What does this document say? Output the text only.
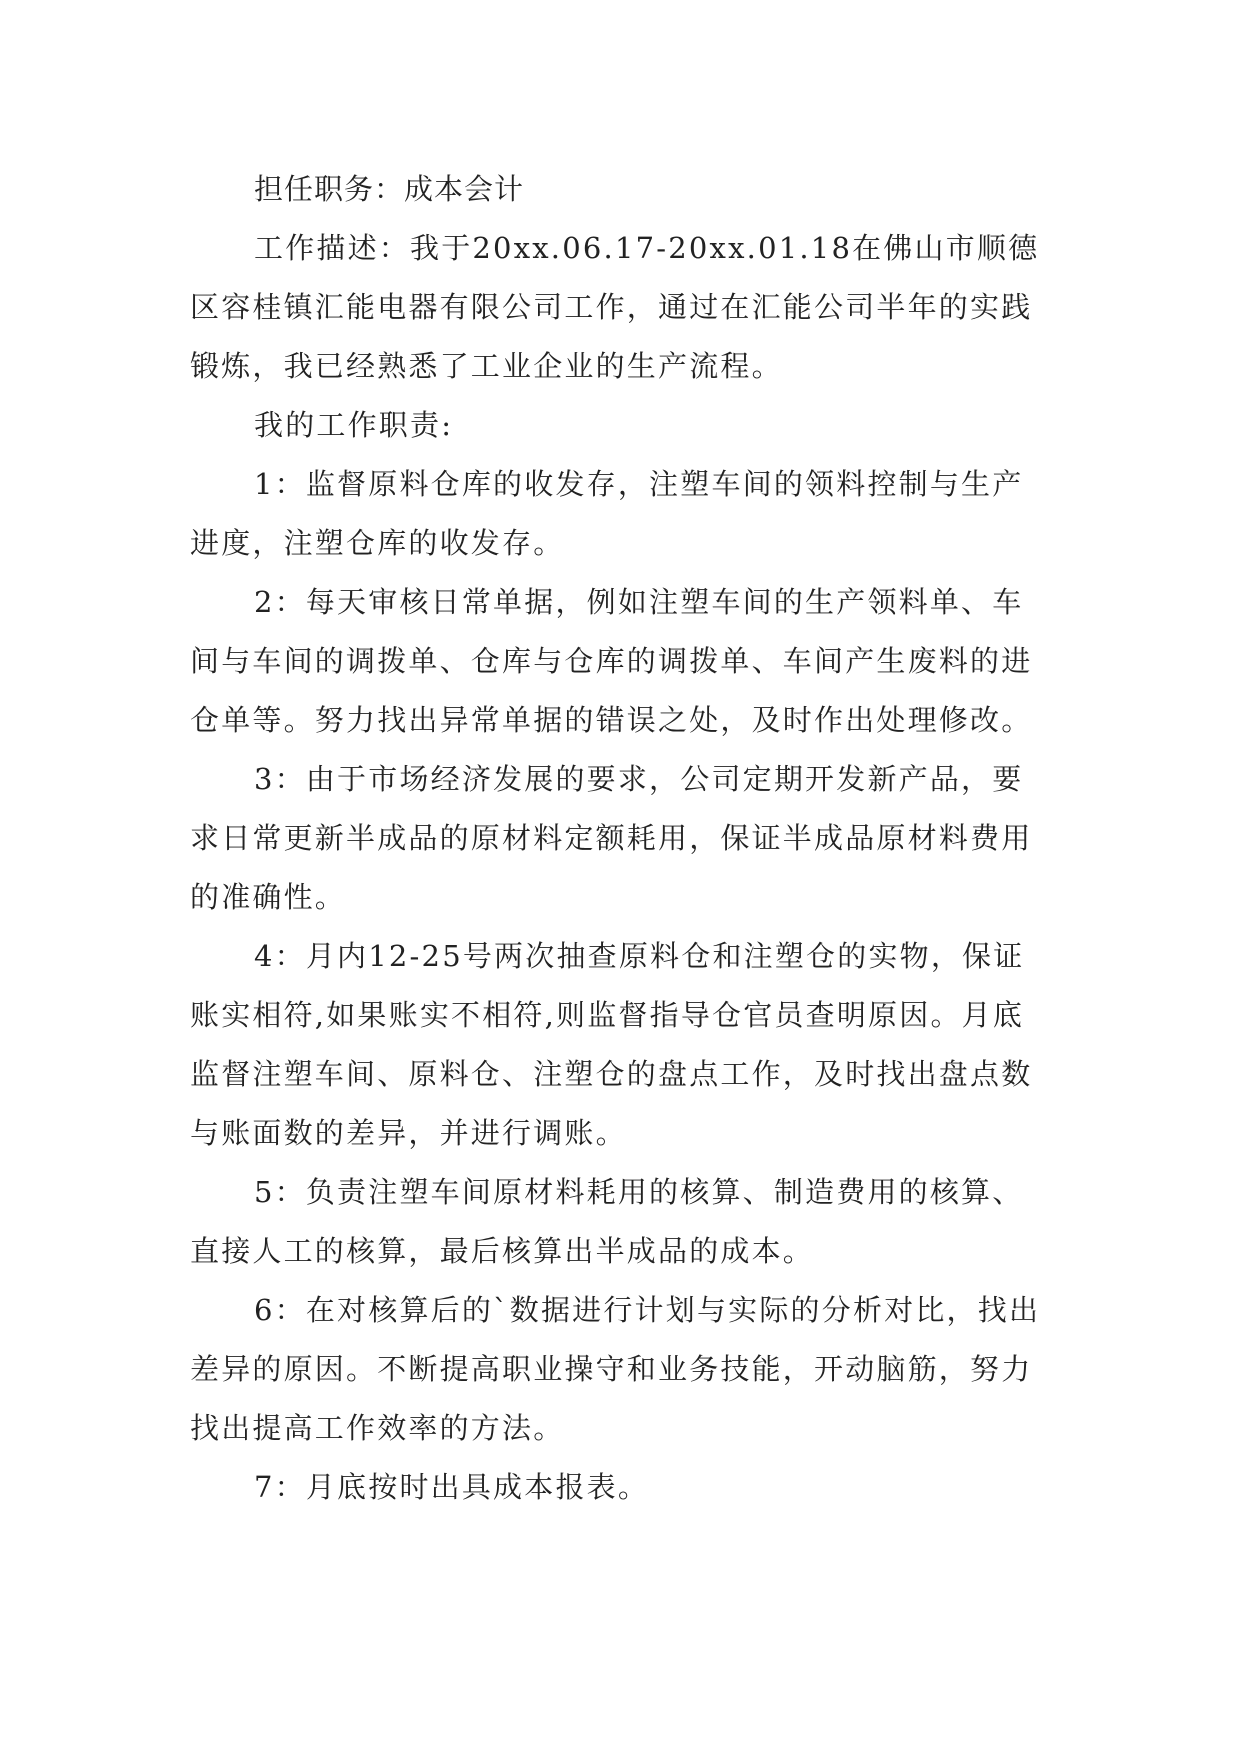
担任职务：成本会计

工作描述：我于20xx.06.17-20xx.01.18在佛山市顺德区容桂镇汇能电器有限公司工作，通过在汇能公司半年的实践锻炼，我已经熟悉了工业企业的生产流程。

我的工作职责:

1：监督原料仓库的收发存，注塑车间的领料控制与生产进度，注塑仓库的收发存。

2：每天审核日常单据，例如注塑车间的生产领料单、车间与车间的调拨单、仓库与仓库的调拨单、车间产生废料的进仓单等。努力找出异常单据的错误之处，及时作出处理修改。

3：由于市场经济发展的要求，公司定期开发新产品，要求日常更新半成品的原材料定额耗用，保证半成品原材料费用的准确性。

4：月内12-25号两次抽查原料仓和注塑仓的实物，保证账实相符,如果账实不相符,则监督指导仓官员查明原因。月底监督注塑车间、原料仓、注塑仓的盘点工作，及时找出盘点数与账面数的差异，并进行调账。

5：负责注塑车间原材料耗用的核算、制造费用的核算、直接人工的核算，最后核算出半成品的成本。

6：在对核算后的`数据进行计划与实际的分析对比，找出差异的原因。不断提高职业操守和业务技能，开动脑筋，努力找出提高工作效率的方法。

7：月底按时出具成本报表。
